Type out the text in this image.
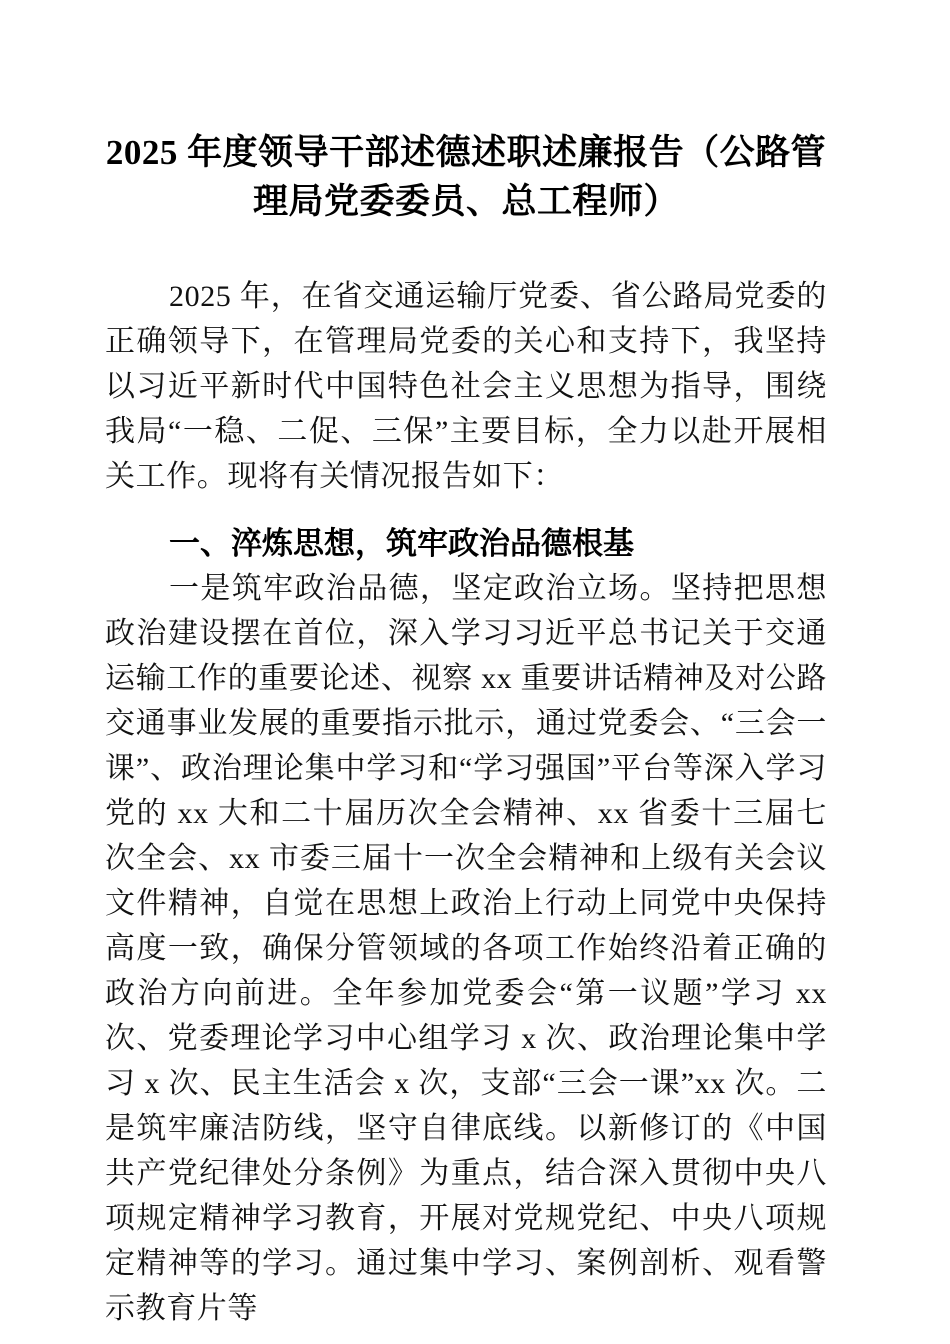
2025 年度领导干部述德述职述廉报告（公路管理局党委委员、总工程师）

2025 年，在省交通运输厅党委、省公路局党委的正确领导下，在管理局党委的关心和支持下，我坚持以习近平新时代中国特色社会主义思想为指导，围绕我局“一稳、二促、三保”主要目标，全力以赴开展相关工作。现将有关情况报告如下：

一、淬炼思想，筑牢政治品德根基

一是筑牢政治品德，坚定政治立场。坚持把思想政治建设摆在首位，深入学习习近平总书记关于交通运输工作的重要论述、视察 xx 重要讲话精神及对公路交通事业发展的重要指示批示，通过党委会、“三会一课”、政治理论集中学习和“学习强国”平台等深入学习党的 xx 大和二十届历次全会精神、xx 省委十三届七次全会、xx 市委三届十一次全会精神和上级有关会议文件精神，自觉在思想上政治上行动上同党中央保持高度一致，确保分管领域的各项工作始终沿着正确的政治方向前进。全年参加党委会“第一议题”学习 xx 次、党委理论学习中心组学习 x 次、政治理论集中学习 x 次、民主生活会 x 次，支部“三会一课”xx 次。二是筑牢廉洁防线，坚守自律底线。以新修订的《中国共产党纪律处分条例》为重点，结合深入贯彻中央八项规定精神学习教育，开展对党规党纪、中央八项规定精神等的学习。通过集中学习、案例剖析、观看警示教育片等
